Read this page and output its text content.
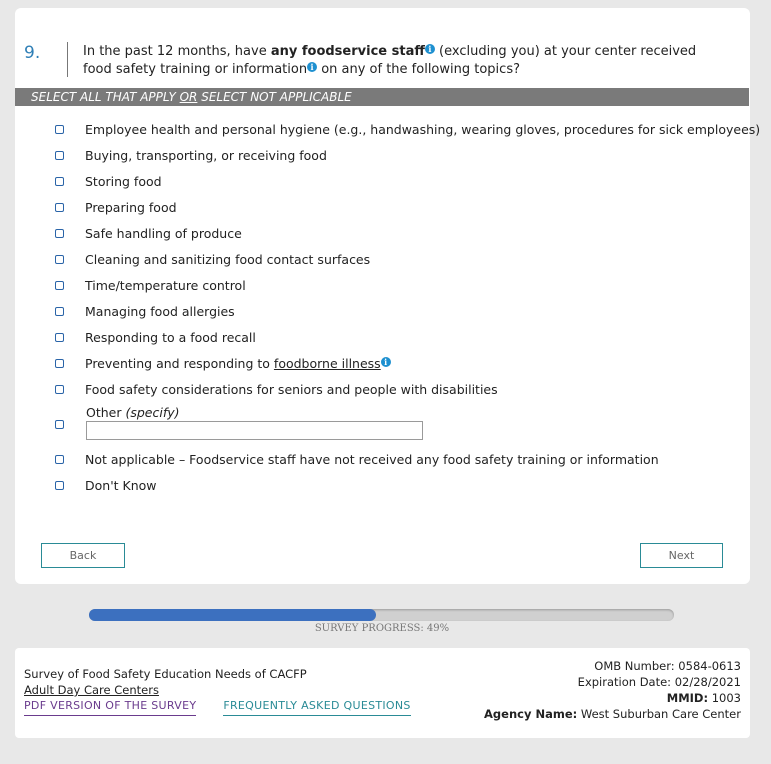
9.	In the past 12 months, have any foodservice staff i (excluding you) at your center received food safety training or information i on any of the following topics?
SELECT ALL THAT APPLY OR SELECT NOT APPLICABLE
Employee health and personal hygiene (e.g., handwashing, wearing gloves, procedures for sick employees)
Buying, transporting, or receiving food
Storing food
Preparing food
Safe handling of produce
Cleaning and sanitizing food contact surfaces
Time/temperature control
Managing food allergies
Responding to a food recall
Preventing and responding to foodborne illness i
Food safety considerations for seniors and people with disabilities
Other (specify)
Not applicable – Foodservice staff have not received any food safety training or information
Don't Know
Back	Next
SURVEY PROGRESS: 49%
Survey of Food Safety Education Needs of CACFP
Adult Day Care Centers
PDF VERSION OF THE SURVEY FREQUENTLY ASKED QUESTIONS
OMB Number: 0584-0613
Expiration Date: 02/28/2021
MMID: 1003
Agency Name: West Suburban Care Center
